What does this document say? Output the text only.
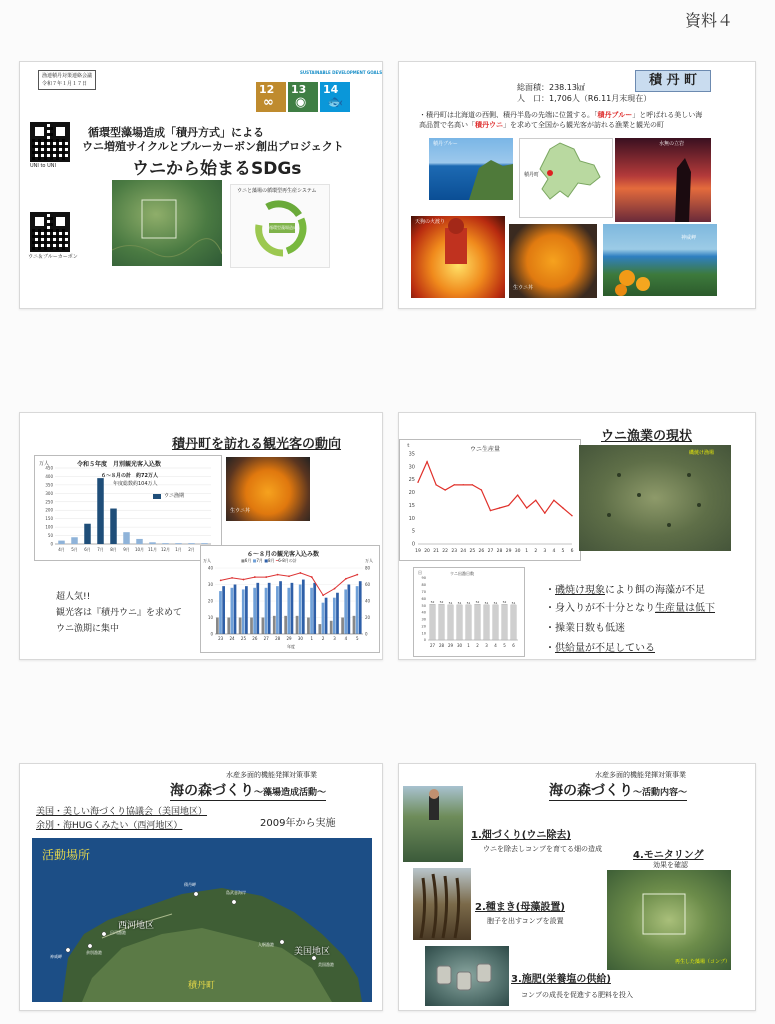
資料４
漁連積丹対策連絡会議
令和７年１月１７日
UNI to UNI
ウニ＆ブルーカーボン
SUSTAINABLE DEVELOPMENT GOALS
12
∞
13
◉
14
🐟
循環型藻場造成「積丹方式」による
ウニ増殖サイクルとブルーカーボン創出プロジェクト
ウニから始まるSDGs
ウニと藻場の循環型再生産システム
循環型藻場造成
積 丹 町
総面積：238.13㎢
人　口：1,706人（R6.11月末現在）
・積丹町は北海道の西側、積丹半島の先端に位置する。「積丹ブルー」と呼ばれる美しい海
高品質で名高い「積丹ウニ」を求めて全国から観光客が訪れる漁業と観光の町
積丹ブルー
積丹町
水無の立岩
天狗の火渡り
生ウニ丼
神威岬
積丹町を訪れる観光客の動向
0
50
100
150
200
250
300
350
400
450
4月 5月 6月 7月 8月 9月 10月 11月 12月 1月 2月
令和５年度　月別観光客入込数
６～８月の計　約72万人
年度総数約104万人
万人
ウニ漁期
生ウニ丼
0
10
20
30
40
0
20
40
60
80
23 24 25 26 27 28 29 30 1 2 3 4 5
６～８月の観光客入込み数
■6月 ■7月 ■8月 ━6-8月の計
年度
万人	万人
超人気!!
観光客は『積丹ウニ』を求めて
ウニ漁期に集中
ウニ漁業の現状
0
5
10
15
20
25
30
35
19 20 21 22 23 24 25 26 27 28 29 30 1 2 3 4 5 6
ウニ生産量
ｔ
0
10
20
30
40
50
60
70
80
90
52
27
52
28
51
29
51
30
51
1
52
2
51
3
51
4
52
5
51
6
ウニ出漁日数
日
磯焼け漁場
・磯焼け現象により餌の海藻が不足
・身入りが不十分となり生産量は低下
・操業日数も低迷
・供給量が不足している
水産多面的機能発揮対策事業
海の森づくり～藻場造成活動～
美国・美しい海づくり協議会（美国地区）
余別・海HUGくみたい（西河地区）	2009年から実施
活動場所
西河地区
美国地区
積丹町
積丹岬
島武意海岸
日司漁港
余別漁港
入舸漁港
美国漁港
神威岬
水産多面的機能発揮対策事業
海の森づくり～活動内容～
1.畑づくり(ウニ除去)
ウニを除去しコンブを育てる畑の造成
2.種まき(母藻設置)
胞子を出すコンブを設置
3.施肥(栄養塩の供給)
コンブの成長を促進する肥料を投入
4.モニタリング
効果を確認
再生した藻場（コンブ）
